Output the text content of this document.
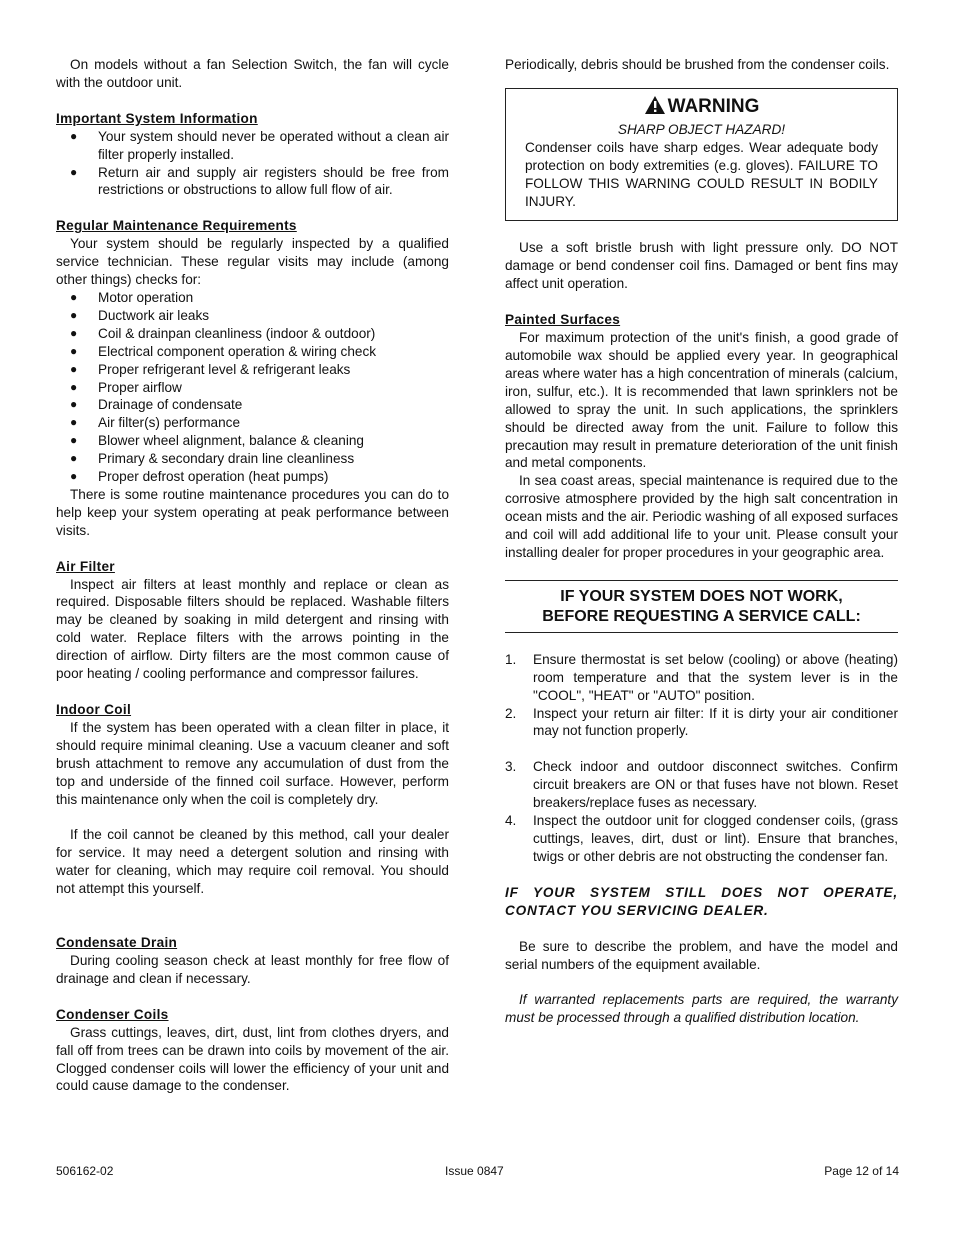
On models without a fan Selection Switch, the fan will cycle with the outdoor unit.

Important System Information
● Your system should never be operated without a clean air filter properly installed.
● Return air and supply air registers should be free from restrictions or obstructions to allow full flow of air.
Regular Maintenance Requirements

Your system should be regularly inspected by a qualified service technician. These regular visits may include (among other things) checks for:

● Motor operation
● Ductwork air leaks
● Coil & drainpan cleanliness (indoor & outdoor)
● Electrical component operation & wiring check
● Proper refrigerant level & refrigerant leaks
● Proper airflow
● Drainage of condensate
● Air filter(s) performance
● Blower wheel alignment, balance & cleaning
● Primary & secondary drain line cleanliness
● Proper defrost operation (heat pumps)

There is some routine maintenance procedures you can do to help keep your system operating at peak performance between visits.

Air Filter

Inspect air filters at least monthly and replace or clean as required. Disposable filters should be replaced. Washable filters may be cleaned by soaking in mild detergent and rinsing with cold water. Replace filters with the arrows pointing in the direction of airflow. Dirty filters are the most common cause of poor heating / cooling performance and compressor failures.

Indoor Coil

If the system has been operated with a clean filter in place, it should require minimal cleaning. Use a vacuum cleaner and soft brush attachment to remove any accumulation of dust from the top and underside of the finned coil surface. However, perform this maintenance only when the coil is completely dry.

If the coil cannot be cleaned by this method, call your dealer for service. It may need a detergent solution and rinsing with water for cleaning, which may require coil removal. You should not attempt this yourself.

Condensate Drain

During cooling season check at least monthly for free flow of drainage and clean if necessary.

Condenser Coils

Grass cuttings, leaves, dirt, dust, lint from clothes dryers, and fall off from trees can be drawn into coils by movement of the air. Clogged condenser coils will lower the efficiency of your unit and could cause damage to the condenser.

Periodically, debris should be brushed from the condenser coils.

WARNING
SHARP OBJECT HAZARD!

Condenser coils have sharp edges. Wear adequate body protection on body extremities (e.g. gloves). FAILURE TO FOLLOW THIS WARNING COULD RESULT IN BODILY INJURY.

Use a soft bristle brush with light pressure only. DO NOT damage or bend condenser coil fins. Damaged or bent fins may affect unit operation.

Painted Surfaces

For maximum protection of the unit's finish, a good grade of automobile wax should be applied every year. In geographical areas where water has a high concentration of minerals (calcium, iron, sulfur, etc.). It is recommended that lawn sprinklers not be allowed to spray the unit. In such applications, the sprinklers should be directed away from the unit. Failure to follow this precaution may result in premature deterioration of the unit finish and metal components.

In sea coast areas, special maintenance is required due to the corrosive atmosphere provided by the high salt concentration in ocean mists and the air. Periodic washing of all exposed surfaces and coil will add additional life to your unit. Please consult your installing dealer for proper procedures in your geographic area.

IF YOUR SYSTEM DOES NOT WORK,
BEFORE REQUESTING A SERVICE CALL:
1. Ensure thermostat is set below (cooling) or above (heating) room temperature and that the system lever is in the "COOL", "HEAT" or "AUTO" position.
2. Inspect your return air filter: If it is dirty your air conditioner may not function properly.
3. Check indoor and outdoor disconnect switches. Confirm circuit breakers are ON or that fuses have not blown. Reset breakers/replace fuses as necessary.
4. Inspect the outdoor unit for clogged condenser coils, (grass cuttings, leaves, dirt, dust or lint). Ensure that branches, twigs or other debris are not obstructing the condenser fan.

IF YOUR SYSTEM STILL DOES NOT OPERATE, CONTACT YOU SERVICING DEALER.

Be sure to describe the problem, and have the model and serial numbers of the equipment available.

If warranted replacements parts are required, the warranty must be processed through a qualified distribution location.

506162-02	Issue 0847	Page 12 of 14
